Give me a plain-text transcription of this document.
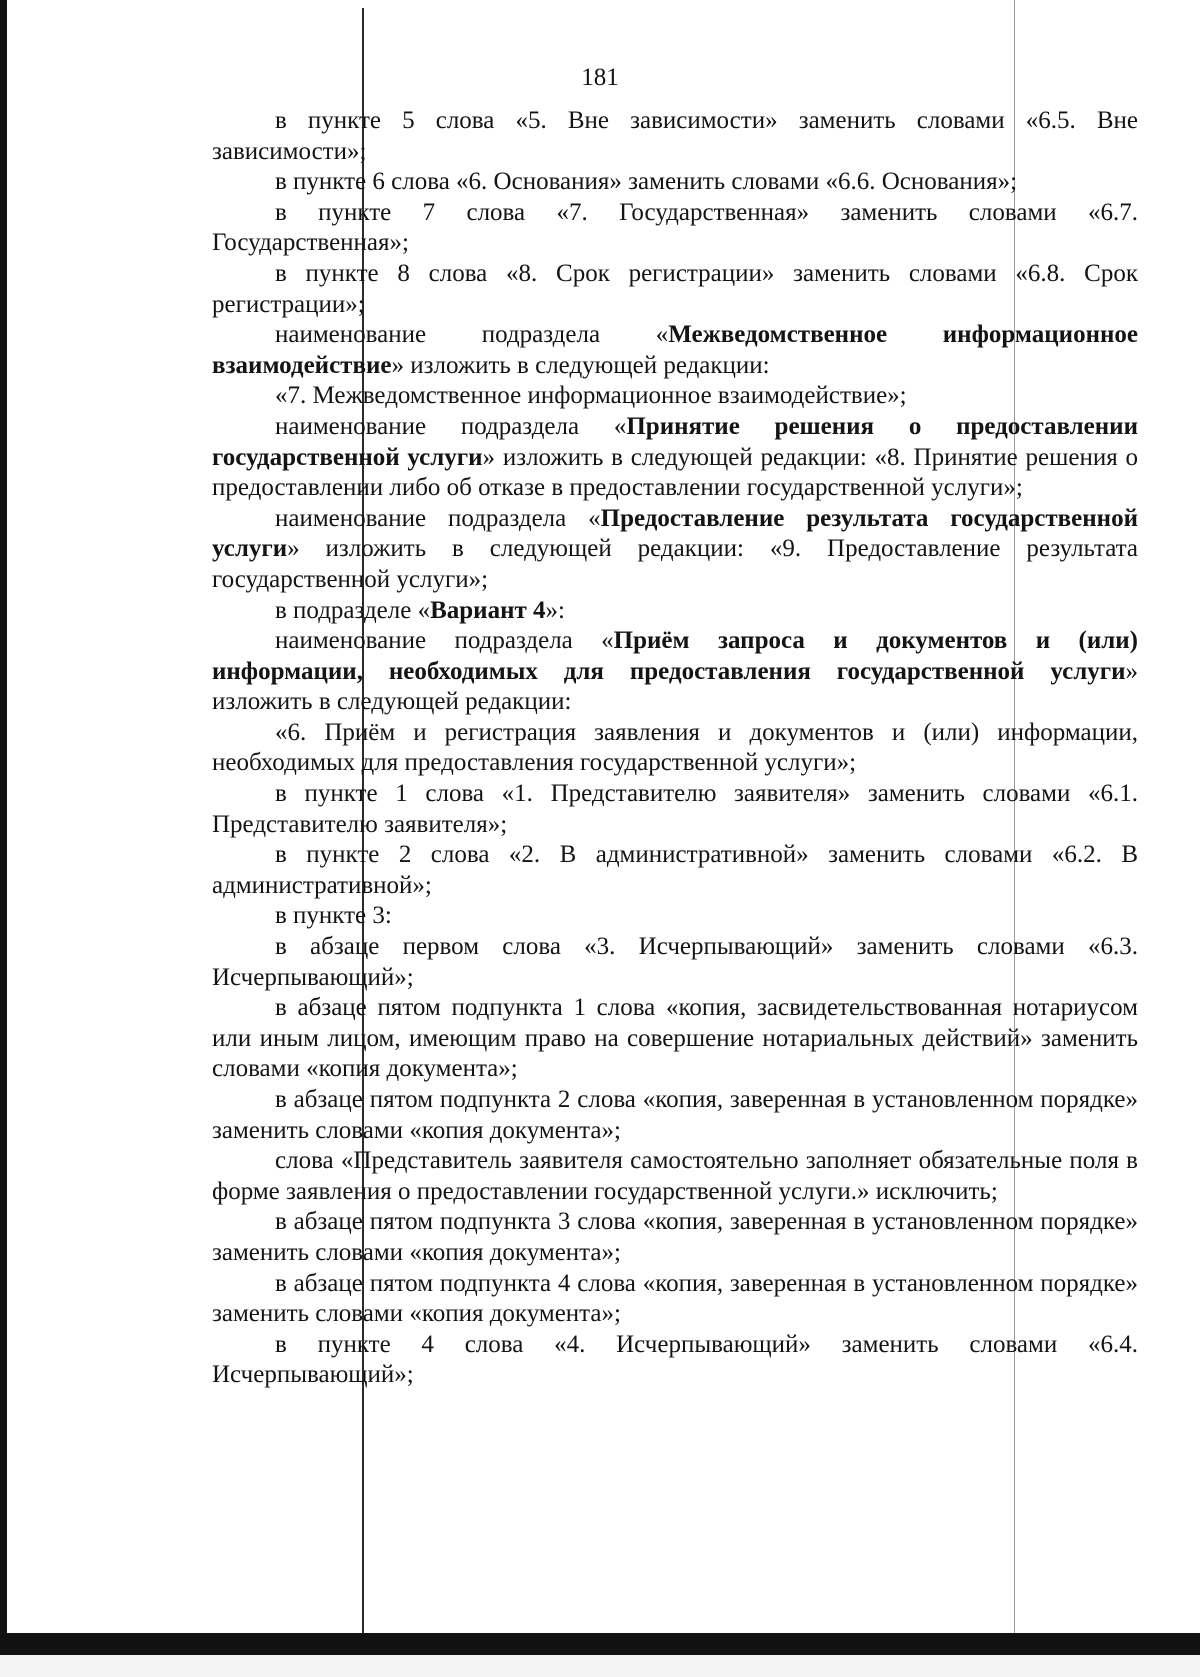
181

в пункте 5 слова «5. Вне зависимости» заменить словами «6.5. Вне зависимости»;

в пункте 6 слова «6. Основания» заменить словами «6.6. Основания»;

в пункте 7 слова «7. Государственная» заменить словами «6.7. Государственная»;

в пункте 8 слова «8. Срок регистрации» заменить словами «6.8. Срок регистрации»;

наименование подраздела «Межведомственное информационное взаимодействие» изложить в следующей редакции:

«7. Межведомственное информационное взаимодействие»;

наименование подраздела «Принятие решения о предоставлении государственной услуги» изложить в следующей редакции: «8. Принятие решения о предоставлении либо об отказе в предоставлении государственной услуги»;

наименование подраздела «Предоставление результата государственной услуги» изложить в следующей редакции: «9. Предоставление результата государственной услуги»;

в подразделе «Вариант 4»:

наименование подраздела «Приём запроса и документов и (или) информации, необходимых для предоставления государственной услуги» изложить в следующей редакции:

«6. Приём и регистрация заявления и документов и (или) информации, необходимых для предоставления государственной услуги»;

в пункте 1 слова «1. Представителю заявителя» заменить словами «6.1. Представителю заявителя»;

в пункте 2 слова «2. В административной» заменить словами «6.2. В административной»;

в пункте 3:

в абзаце первом слова «3. Исчерпывающий» заменить словами «6.3. Исчерпывающий»;

в абзаце пятом подпункта 1 слова «копия, засвидетельствованная нотариусом или иным лицом, имеющим право на совершение нотариальных действий» заменить словами «копия документа»;

в абзаце пятом подпункта 2 слова «копия, заверенная в установленном порядке» заменить словами «копия документа»;

слова «Представитель заявителя самостоятельно заполняет обязательные поля в форме заявления о предоставлении государственной услуги.» исключить;

в абзаце пятом подпункта 3 слова «копия, заверенная в установленном порядке» заменить словами «копия документа»;

в абзаце пятом подпункта 4 слова «копия, заверенная в установленном порядке» заменить словами «копия документа»;

в пункте 4 слова «4. Исчерпывающий» заменить словами «6.4. Исчерпывающий»;
